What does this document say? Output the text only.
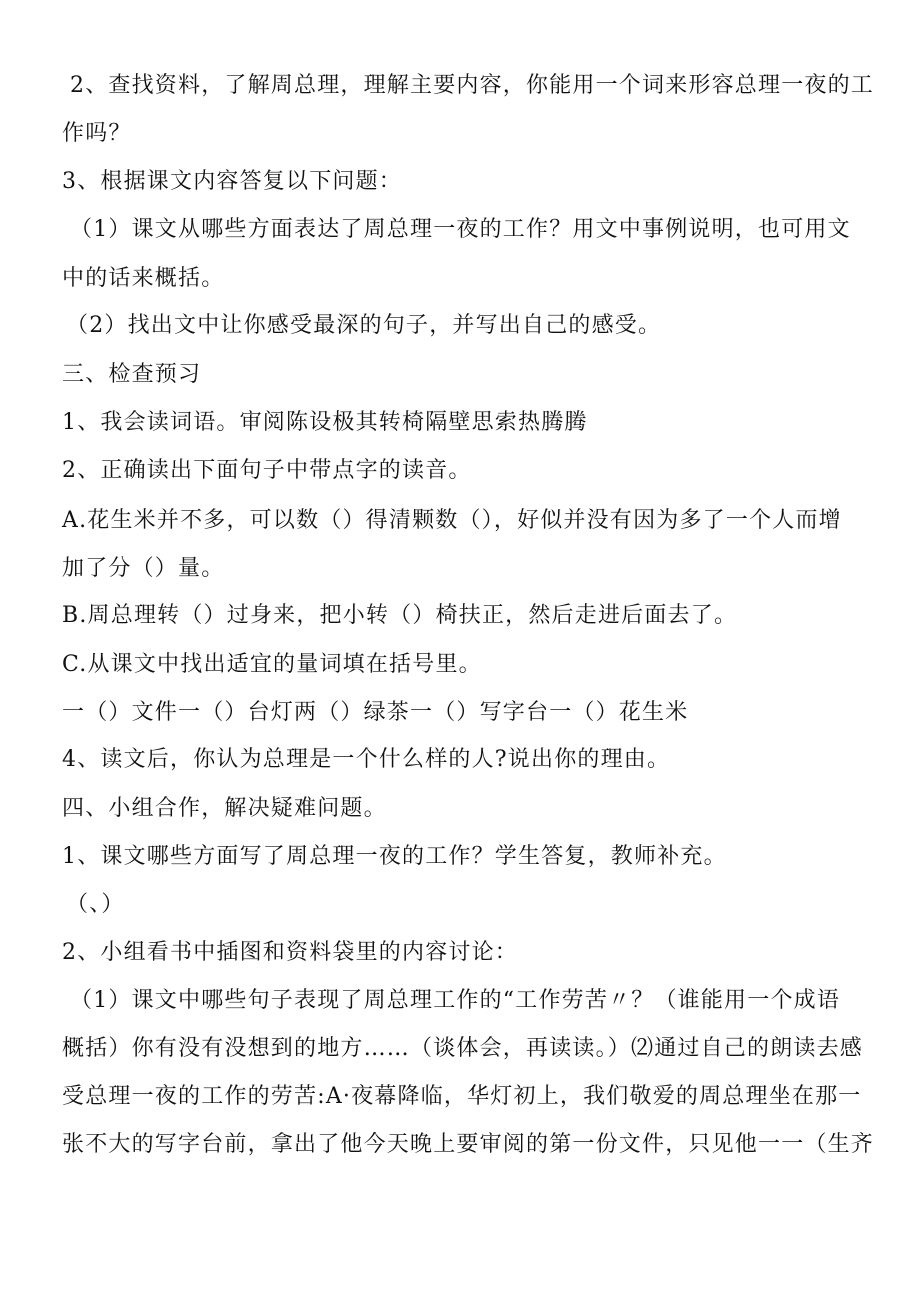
2、查找资料，了解周总理，理解主要内容，你能用一个词来形容总理一夜的工
作吗？
3、根据课文内容答复以下问题：
（1）课文从哪些方面表达了周总理一夜的工作？用文中事例说明，也可用文
中的话来概括。
（2）找出文中让你感受最深的句子，并写出自己的感受。
三、检查预习
1、我会读词语。审阅陈设极其转椅隔壁思索热腾腾
2、正确读出下面句子中带点字的读音。
A.花生米并不多，可以数（）得清颗数（），好似并没有因为多了一个人而增
加了分（）量。
B.周总理转（）过身来，把小转（）椅扶正，然后走进后面去了。
C.从课文中找出适宜的量词填在括号里。
一（）文件一（）台灯两（）绿茶一（）写字台一（）花生米
4、读文后，你认为总理是一个什么样的人?说出你的理由。
四、小组合作，解决疑难问题。
1、课文哪些方面写了周总理一夜的工作？学生答复，教师补充。
（、）
2、小组看书中插图和资料袋里的内容讨论：
（1）课文中哪些句子表现了周总理工作的“工作劳苦〃？（谁能用一个成语
概括）你有没有没想到的地方……（谈体会，再读读。）⑵通过自己的朗读去感
受总理一夜的工作的劳苦:A·夜幕降临，华灯初上，我们敬爱的周总理坐在那一
张不大的写字台前，拿出了他今天晚上要审阅的第一份文件，只见他一一（生齐
